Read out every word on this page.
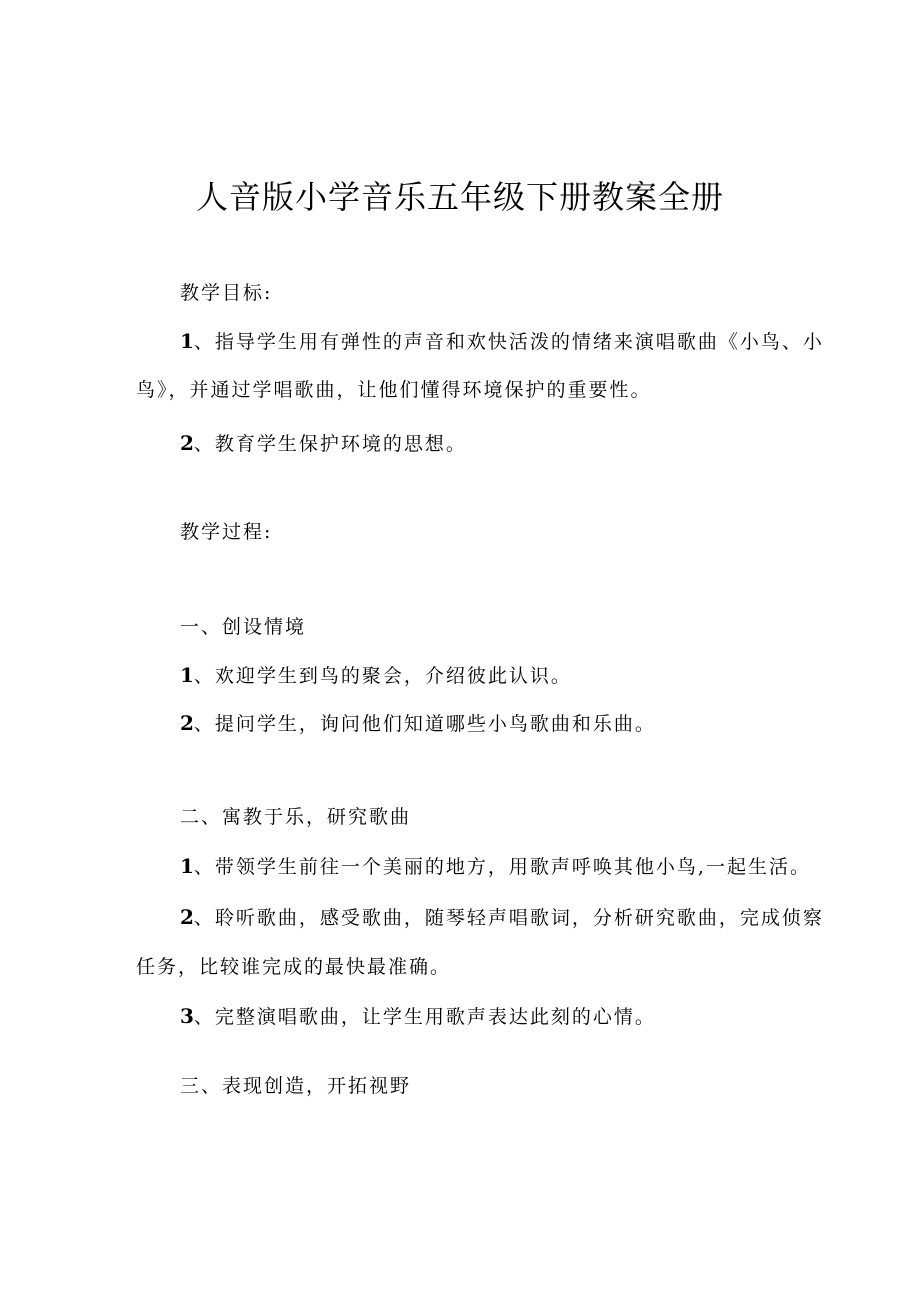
人音版小学音乐五年级下册教案全册
教学目标:
1、指导学生用有弹性的声音和欢快活泼的情绪来演唱歌曲《小鸟、小
鸟》，并通过学唱歌曲，让他们懂得环境保护的重要性。
2、教育学生保护环境的思想。
教学过程:
一、创设情境
1、欢迎学生到鸟的聚会，介绍彼此认识。
2、提问学生，询问他们知道哪些小鸟歌曲和乐曲。
二、寓教于乐，研究歌曲
1、带领学生前往一个美丽的地方，用歌声呼唤其他小鸟,一起生活。
2、聆听歌曲，感受歌曲，随琴轻声唱歌词，分析研究歌曲，完成侦察
任务，比较谁完成的最快最准确。
3、完整演唱歌曲，让学生用歌声表达此刻的心情。
三、表现创造，开拓视野
